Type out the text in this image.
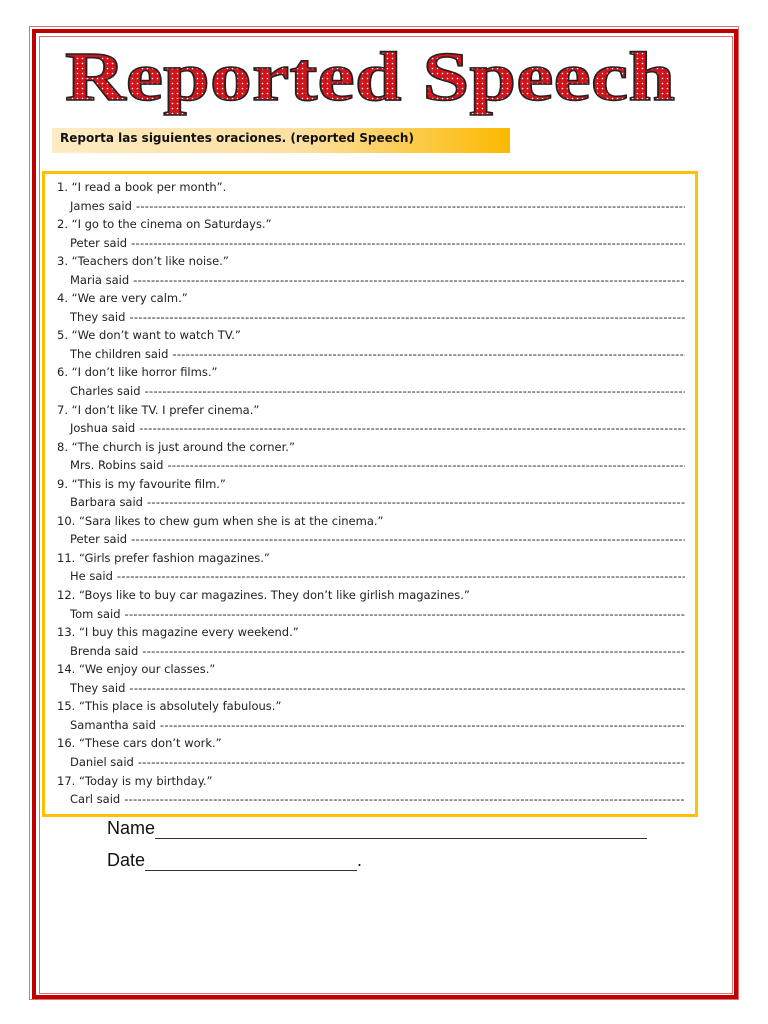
Reported Speech
Reporta las siguientes oraciones. (reported Speech)
1. “I read a book per month”.
James said
-----
2. “I go to the cinema on Saturdays.”
Peter said
-----
3. “Teachers don’t like noise.”
Maria said
-----
4. “We are very calm.”
They said
-----
5. “We don’t want to watch TV.”
The children said
-----
6. “I don’t like horror films.”
Charles said
-----
7. “I don’t like TV. I prefer cinema.”
Joshua said
-----
8. “The church is just around the corner.”
Mrs. Robins said
-----
9. “This is my favourite film.”
Barbara said
-----
10. “Sara likes to chew gum when she is at the cinema.”
Peter said
-----
11. “Girls prefer fashion magazines.”
He said
-----
12. “Boys like to buy car magazines. They don’t like girlish magazines.”
Tom said
-----
13. “I buy this magazine every weekend.”
Brenda said
-----
14. “We enjoy our classes.”
They said
-----
15. “This place is absolutely fabulous.”
Samantha said
-----
16. “These cars don’t work.”
Daniel said
-----
17. “Today is my birthday.”
Carl said
-----
Name
Date	.
